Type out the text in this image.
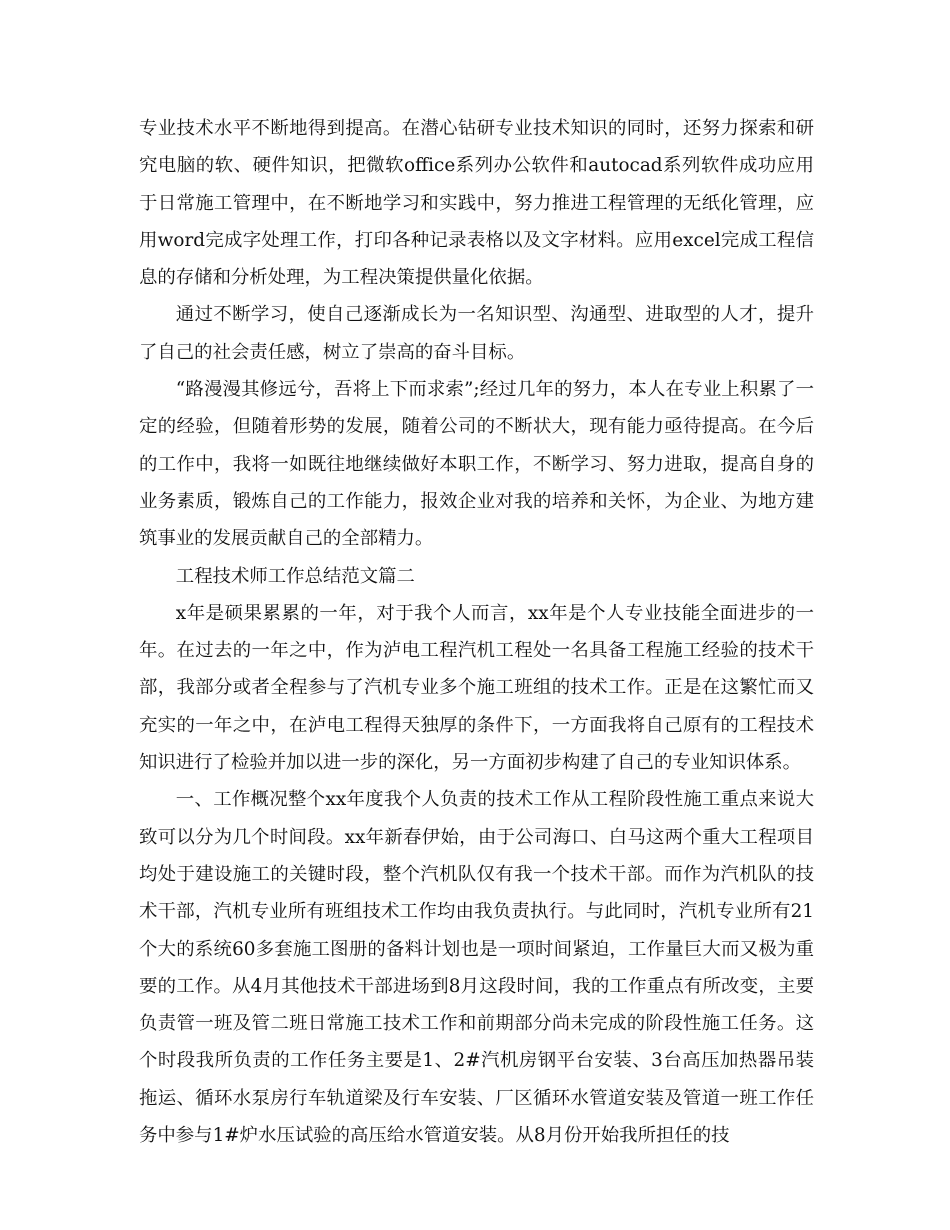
专业技术水平不断地得到提高。在潜心钻研专业技术知识的同时，还努力探索和研究电脑的软、硬件知识，把微软office系列办公软件和autocad系列软件成功应用于日常施工管理中，在不断地学习和实践中，努力推进工程管理的无纸化管理，应用word完成字处理工作，打印各种记录表格以及文字材料。应用excel完成工程信息的存储和分析处理，为工程决策提供量化依据。

通过不断学习，使自己逐渐成长为一名知识型、沟通型、进取型的人才，提升了自己的社会责任感，树立了崇高的奋斗目标。

“路漫漫其修远兮，吾将上下而求索”;经过几年的努力，本人在专业上积累了一定的经验，但随着形势的发展，随着公司的不断状大，现有能力亟待提高。在今后的工作中，我将一如既往地继续做好本职工作，不断学习、努力进取，提高自身的业务素质，锻炼自己的工作能力，报效企业对我的培养和关怀，为企业、为地方建筑事业的发展贡献自己的全部精力。

工程技术师工作总结范文篇二

x年是硕果累累的一年，对于我个人而言，xx年是个人专业技能全面进步的一年。在过去的一年之中，作为泸电工程汽机工程处一名具备工程施工经验的技术干部，我部分或者全程参与了汽机专业多个施工班组的技术工作。正是在这繁忙而又充实的一年之中，在泸电工程得天独厚的条件下，一方面我将自己原有的工程技术知识进行了检验并加以进一步的深化，另一方面初步构建了自己的专业知识体系。

一、工作概况整个xx年度我个人负责的技术工作从工程阶段性施工重点来说大致可以分为几个时间段。xx年新春伊始，由于公司海口、白马这两个重大工程项目均处于建设施工的关键时段，整个汽机队仅有我一个技术干部。而作为汽机队的技术干部，汽机专业所有班组技术工作均由我负责执行。与此同时，汽机专业所有21个大的系统60多套施工图册的备料计划也是一项时间紧迫，工作量巨大而又极为重要的工作。从4月其他技术干部进场到8月这段时间，我的工作重点有所改变，主要负责管一班及管二班日常施工技术工作和前期部分尚未完成的阶段性施工任务。这个时段我所负责的工作任务主要是1、2#汽机房钢平台安装、3台高压加热器吊装拖运、循环水泵房行车轨道梁及行车安装、厂区循环水管道安装及管道一班工作任务中参与1#炉水压试验的高压给水管道安装。从8月份开始我所担任的技
